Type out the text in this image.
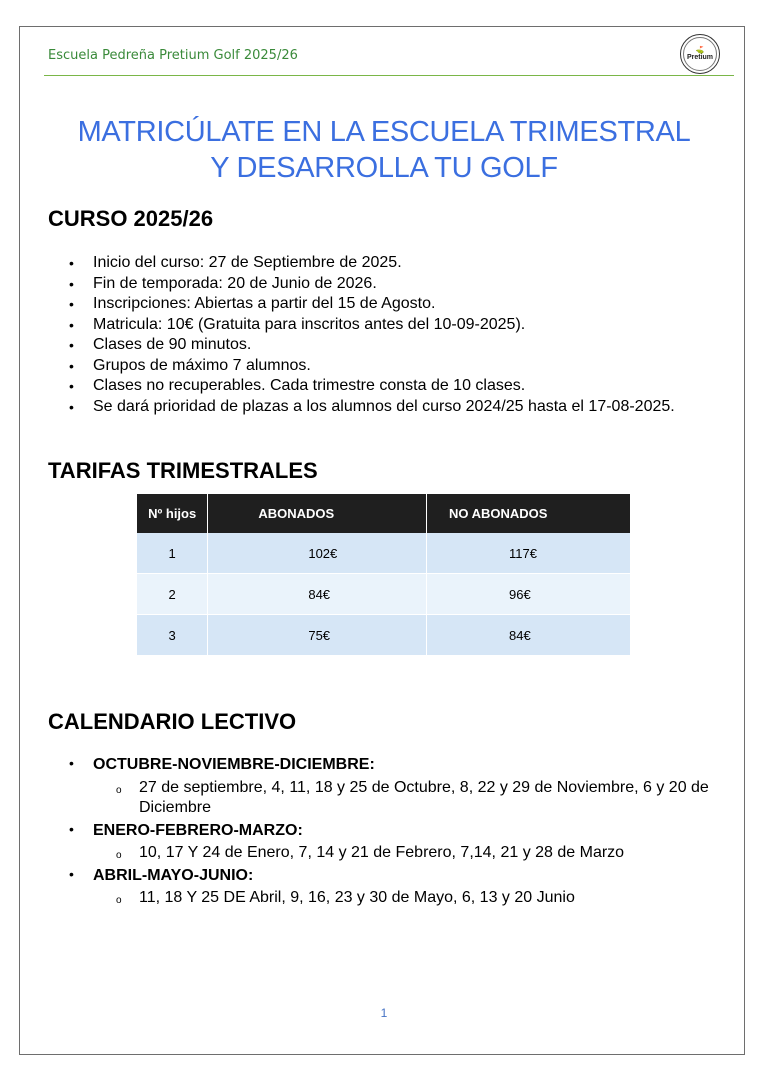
Escuela Pedreña Pretium Golf 2025/26	⛳
Pretium
MATRICÚLATE EN LA ESCUELA TRIMESTRAL
Y DESARROLLA TU GOLF
CURSO 2025/26
• Inicio del curso: 27 de Septiembre de 2025.
• Fin de temporada: 20 de Junio de 2026.
• Inscripciones: Abiertas a partir del 15 de Agosto.
• Matricula: 10€ (Gratuita para inscritos antes del 10-09-2025).
• Clases de 90 minutos.
• Grupos de máximo 7 alumnos.
• Clases no recuperables. Cada trimestre consta de 10 clases.
• Se dará prioridad de plazas a los alumnos del curso 2024/25 hasta el 17-08-2025.
TARIFAS TRIMESTRALES
Nº hijos	ABONADOS	NO ABONADOS
1	102€	117€
2	84€	96€
3	75€	84€
CALENDARIO LECTIVO
• OCTUBRE-NOVIEMBRE-DICIEMBRE:
o 27 de septiembre, 4, 11, 18 y 25 de Octubre, 8, 22 y 29 de Noviembre, 6 y 20 de Diciembre
• ENERO-FEBRERO-MARZO:
o 10, 17 Y 24 de Enero, 7, 14 y 21 de Febrero, 7,14, 21 y 28 de Marzo
• ABRIL-MAYO-JUNIO:
o 11, 18 Y 25 DE Abril, 9, 16, 23 y 30 de Mayo, 6, 13 y 20 Junio
1
